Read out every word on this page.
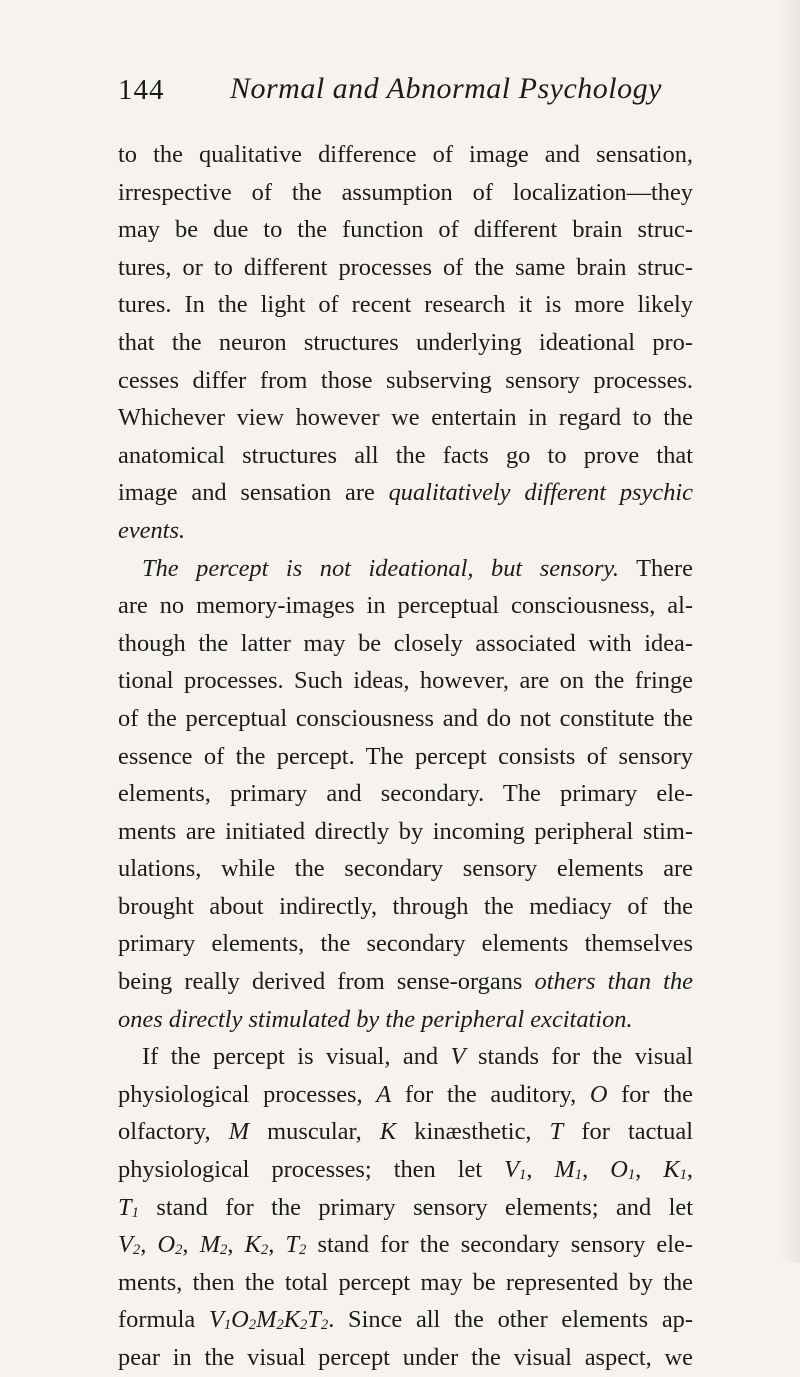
144 Normal and Abnormal Psychology
to the qualitative difference of image and sensation,
irrespective of the assumption of localization—they
may be due to the function of different brain struc-
tures, or to different processes of the same brain struc-
tures. In the light of recent research it is more likely
that the neuron structures underlying ideational pro-
cesses differ from those subserving sensory processes.
Whichever view however we entertain in regard to the
anatomical structures all the facts go to prove that
image and sensation are qualitatively different psychic
events.
The percept is not ideational, but sensory. There
are no memory-images in perceptual consciousness, al-
though the latter may be closely associated with idea-
tional processes. Such ideas, however, are on the fringe
of the perceptual consciousness and do not constitute the
essence of the percept. The percept consists of sensory
elements, primary and secondary. The primary ele-
ments are initiated directly by incoming peripheral stim-
ulations, while the secondary sensory elements are
brought about indirectly, through the mediacy of the
primary elements, the secondary elements themselves
being really derived from sense-organs others than the
ones directly stimulated by the peripheral excitation.
If the percept is visual, and V stands for the visual
physiological processes, A for the auditory, O for the
olfactory, M muscular, K kinæsthetic, T for tactual
physiological processes; then let $V_1$, $M_1$, $O_1$, $K_1$,
$T_1$ stand for the primary sensory elements; and let
$V_2$, $O_2$, $M_2$, $K_2$, $T_2$ stand for the secondary sensory ele-
ments, then the total percept may be represented by the
formula $V_1O_2M_2K_2T_2$. Since all the other elements ap-
pear in the visual percept under the visual aspect, we
